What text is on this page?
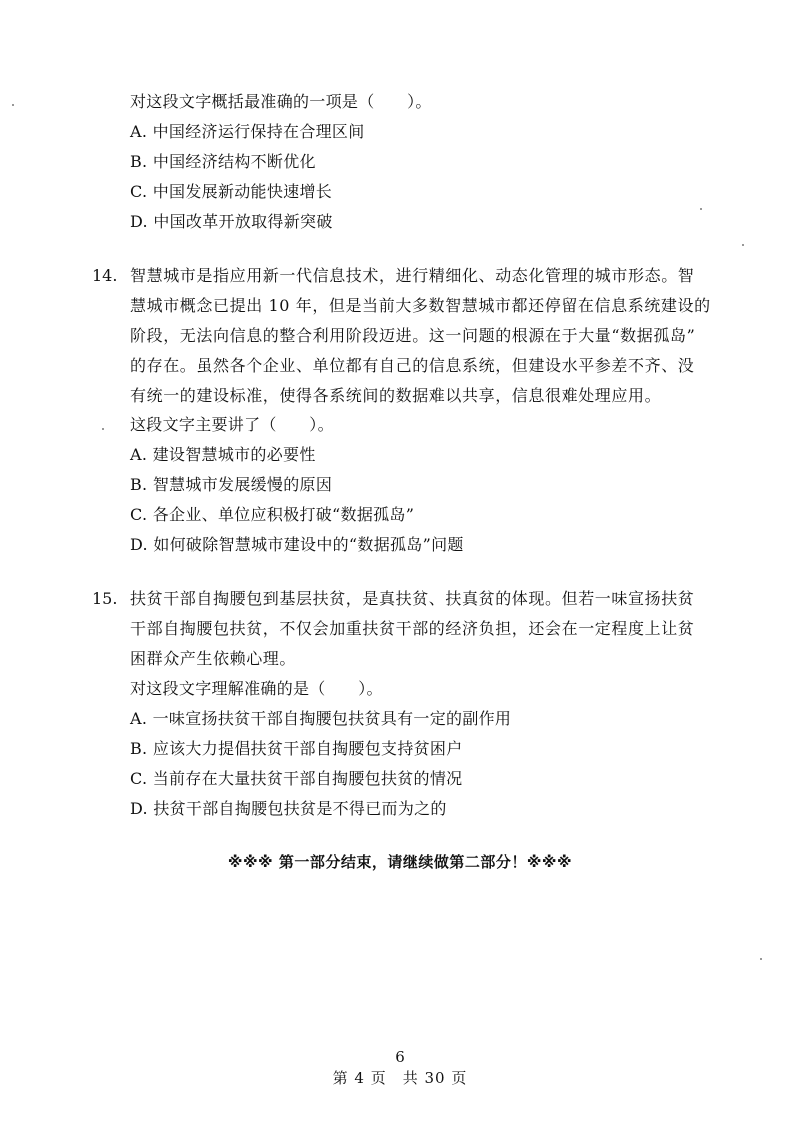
对这段文字概括最准确的一项是（　　）。
A. 中国经济运行保持在合理区间
B. 中国经济结构不断优化
C. 中国发展新动能快速增长
D. 中国改革开放取得新突破
14. 智慧城市是指应用新一代信息技术，进行精细化、动态化管理的城市形态。智
慧城市概念已提出 10 年，但是当前大多数智慧城市都还停留在信息系统建设的
阶段，无法向信息的整合利用阶段迈进。这一问题的根源在于大量“数据孤岛”
的存在。虽然各个企业、单位都有自己的信息系统，但建设水平参差不齐、没
有统一的建设标准，使得各系统间的数据难以共享，信息很难处理应用。
这段文字主要讲了（　　）。
A. 建设智慧城市的必要性
B. 智慧城市发展缓慢的原因
C. 各企业、单位应积极打破“数据孤岛”
D. 如何破除智慧城市建设中的“数据孤岛”问题
15. 扶贫干部自掏腰包到基层扶贫，是真扶贫、扶真贫的体现。但若一味宣扬扶贫
干部自掏腰包扶贫，不仅会加重扶贫干部的经济负担，还会在一定程度上让贫
困群众产生依赖心理。
对这段文字理解准确的是（　　）。
A. 一味宣扬扶贫干部自掏腰包扶贫具有一定的副作用
B. 应该大力提倡扶贫干部自掏腰包支持贫困户
C. 当前存在大量扶贫干部自掏腰包扶贫的情况
D. 扶贫干部自掏腰包扶贫是不得已而为之的
※※※ 第一部分结束，请继续做第二部分！※※※
6
第 4 页　共 30 页
